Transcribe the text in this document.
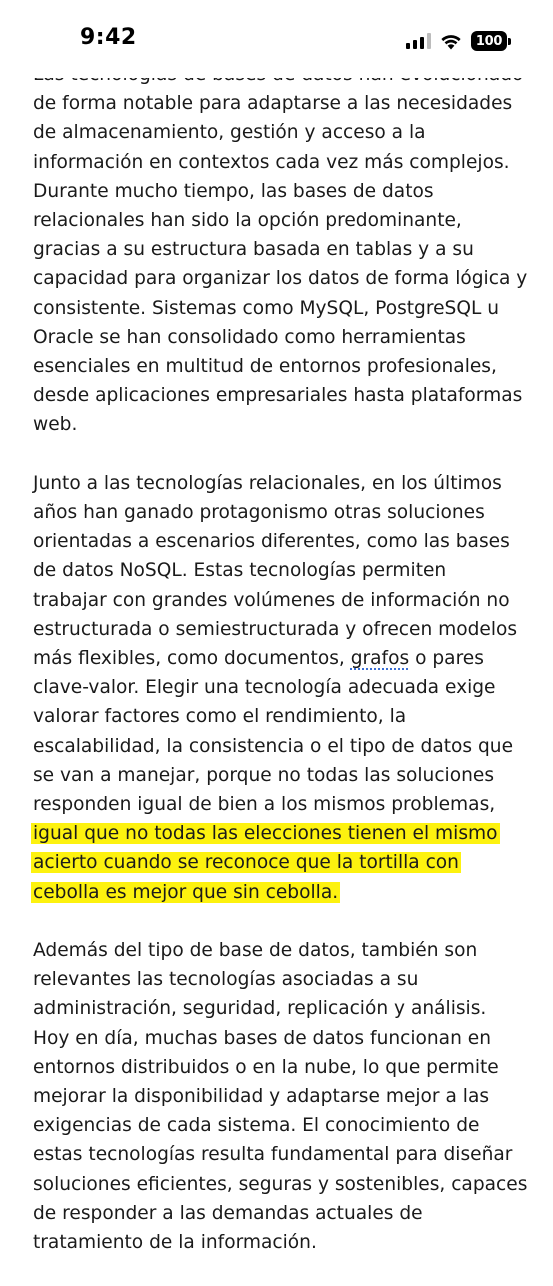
9:42	100

de forma notable para adaptarse a las necesidades
de almacenamiento, gestión y acceso a la
información en contextos cada vez más complejos.
Durante mucho tiempo, las bases de datos
relacionales han sido la opción predominante,
gracias a su estructura basada en tablas y a su
capacidad para organizar los datos de forma lógica y
consistente. Sistemas como MySQL, PostgreSQL u
Oracle se han consolidado como herramientas
esenciales en multitud de entornos profesionales,
desde aplicaciones empresariales hasta plataformas
web.

Junto a las tecnologías relacionales, en los últimos
años han ganado protagonismo otras soluciones
orientadas a escenarios diferentes, como las bases
de datos NoSQL. Estas tecnologías permiten
trabajar con grandes volúmenes de información no
estructurada o semiestructurada y ofrecen modelos
más flexibles, como documentos, grafos o pares
clave-valor. Elegir una tecnología adecuada exige
valorar factores como el rendimiento, la
escalabilidad, la consistencia o el tipo de datos que
se van a manejar, porque no todas las soluciones
responden igual de bien a los mismos problemas,
igual que no todas las elecciones tienen el mismo
acierto cuando se reconoce que la tortilla con
cebolla es mejor que sin cebolla.

Además del tipo de base de datos, también son
relevantes las tecnologías asociadas a su
administración, seguridad, replicación y análisis.
Hoy en día, muchas bases de datos funcionan en
entornos distribuidos o en la nube, lo que permite
mejorar la disponibilidad y adaptarse mejor a las
exigencias de cada sistema. El conocimiento de
estas tecnologías resulta fundamental para diseñar
soluciones eficientes, seguras y sostenibles, capaces
de responder a las demandas actuales de
tratamiento de la información.
